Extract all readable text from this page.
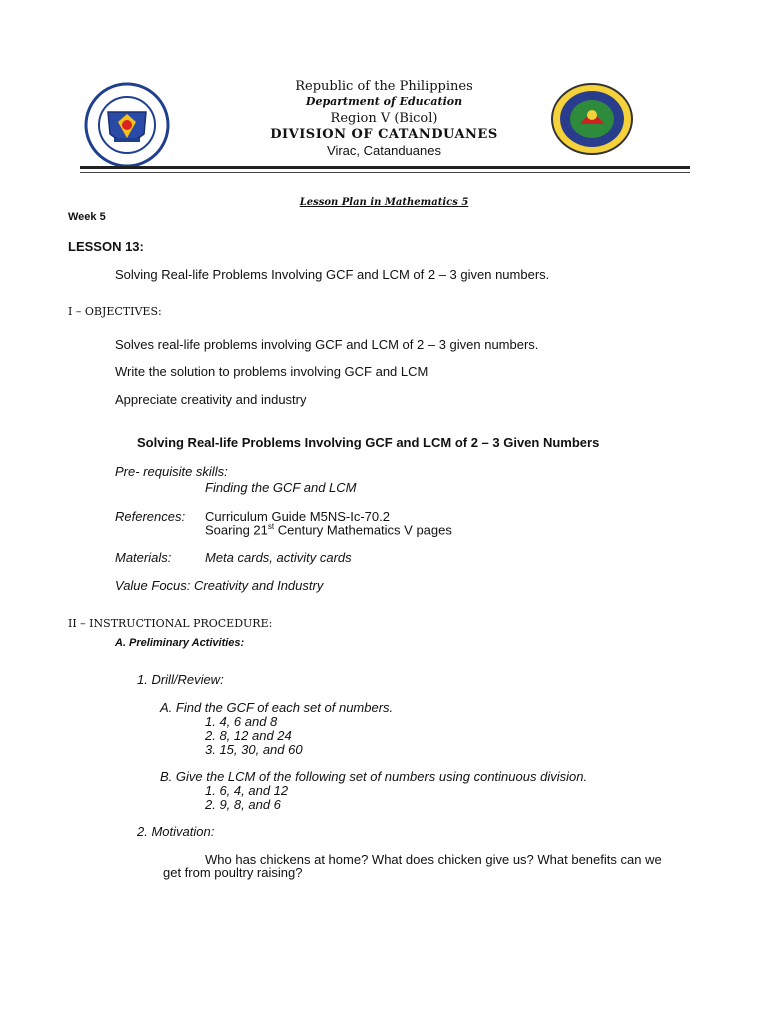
Republic of the Philippines
Department of Education
Region V (Bicol)
DIVISION OF CATANDUANES
Virac, Catanduanes
Lesson Plan in Mathematics 5
Week 5
LESSON 13:
Solving Real-life Problems Involving GCF and LCM of 2 – 3 given numbers.
I – OBJECTIVES:
Solves real-life problems involving GCF and LCM of 2 – 3 given numbers.
Write the solution to problems involving GCF and LCM
Appreciate creativity and industry
Solving Real-life Problems Involving GCF and LCM of 2 – 3 Given Numbers
Pre- requisite skills:
Finding the GCF and LCM
References: Curriculum Guide M5NS-Ic-70.2
Soaring 21st Century Mathematics V pages
Materials:	Meta cards, activity cards
Value Focus: Creativity and Industry
II – INSTRUCTIONAL PROCEDURE:
A. Preliminary Activities:
1. Drill/Review:
A. Find the GCF of each set of numbers.
1. 4, 6 and 8
2. 8, 12 and 24
3. 15, 30, and 60
B. Give the LCM of the following set of numbers using continuous division.
1. 6, 4, and 12
2. 9, 8, and 6
2. Motivation:
Who has chickens at home? What does chicken give us? What benefits can we
get from poultry raising?
